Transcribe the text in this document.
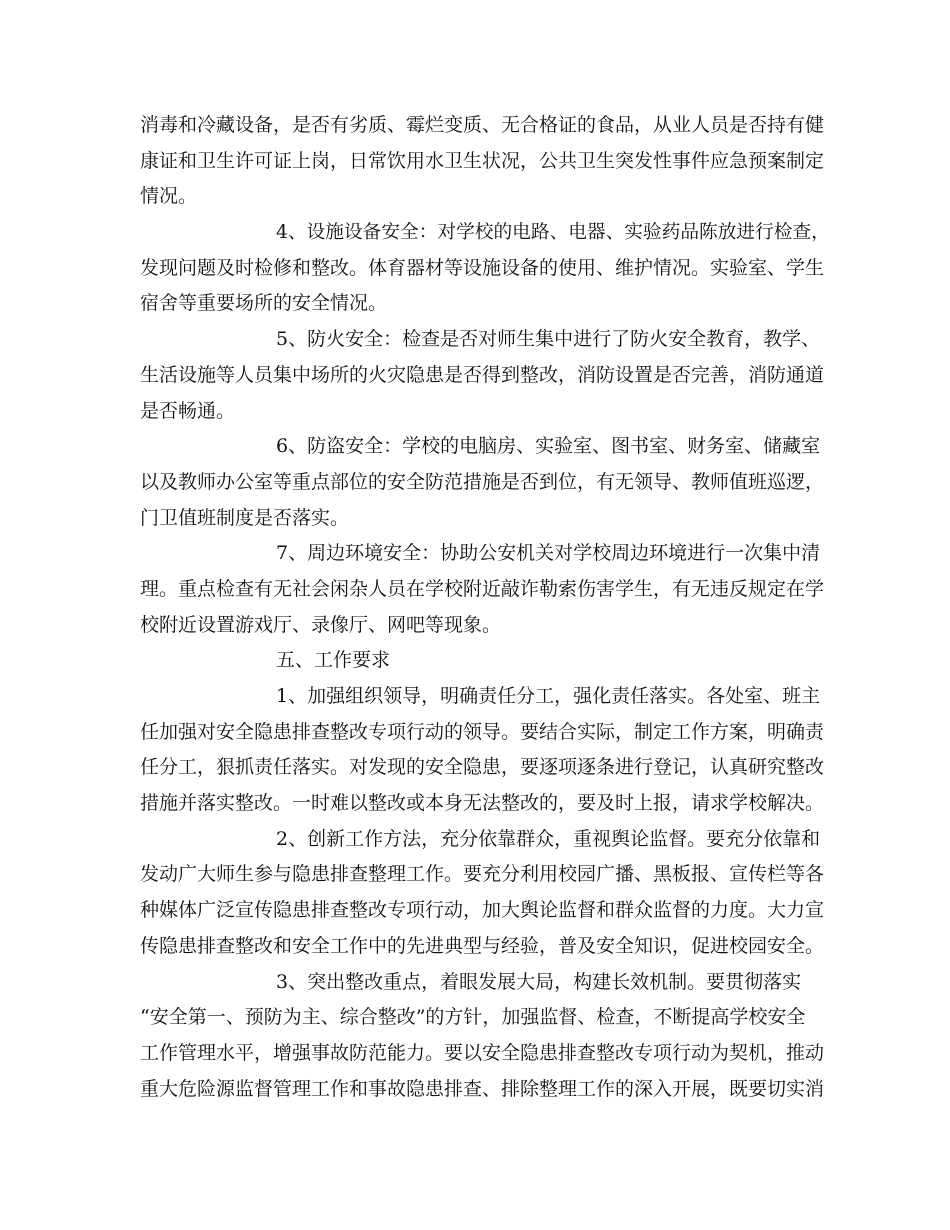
消毒和冷藏设备，是否有劣质、霉烂变质、无合格证的食品，从业人员是否持有健
康证和卫生许可证上岗，日常饮用水卫生状况，公共卫生突发性事件应急预案制定
情况。
4、设施设备安全：对学校的电路、电器、实验药品陈放进行检查，
发现问题及时检修和整改。体育器材等设施设备的使用、维护情况。实验室、学生
宿舍等重要场所的安全情况。
5、防火安全：检查是否对师生集中进行了防火安全教育，教学、
生活设施等人员集中场所的火灾隐患是否得到整改，消防设置是否完善，消防通道
是否畅通。
6、防盗安全：学校的电脑房、实验室、图书室、财务室、储藏室
以及教师办公室等重点部位的安全防范措施是否到位，有无领导、教师值班巡逻，
门卫值班制度是否落实。
7、周边环境安全：协助公安机关对学校周边环境进行一次集中清
理。重点检查有无社会闲杂人员在学校附近敲诈勒索伤害学生，有无违反规定在学
校附近设置游戏厅、录像厅、网吧等现象。
五、工作要求
1、加强组织领导，明确责任分工，强化责任落实。各处室、班主
任加强对安全隐患排查整改专项行动的领导。要结合实际，制定工作方案，明确责
任分工，狠抓责任落实。对发现的安全隐患，要逐项逐条进行登记，认真研究整改
措施并落实整改。一时难以整改或本身无法整改的，要及时上报，请求学校解决。
2、创新工作方法，充分依靠群众，重视舆论监督。要充分依靠和
发动广大师生参与隐患排查整理工作。要充分利用校园广播、黑板报、宣传栏等各
种媒体广泛宣传隐患排查整改专项行动，加大舆论监督和群众监督的力度。大力宣
传隐患排查整改和安全工作中的先进典型与经验，普及安全知识，促进校园安全。
3、突出整改重点，着眼发展大局，构建长效机制。要贯彻落实
“安全第一、预防为主、综合整改”的方针，加强监督、检查，不断提高学校安全
工作管理水平，增强事故防范能力。要以安全隐患排查整改专项行动为契机，推动
重大危险源监督管理工作和事故隐患排查、排除整理工作的深入开展，既要切实消
